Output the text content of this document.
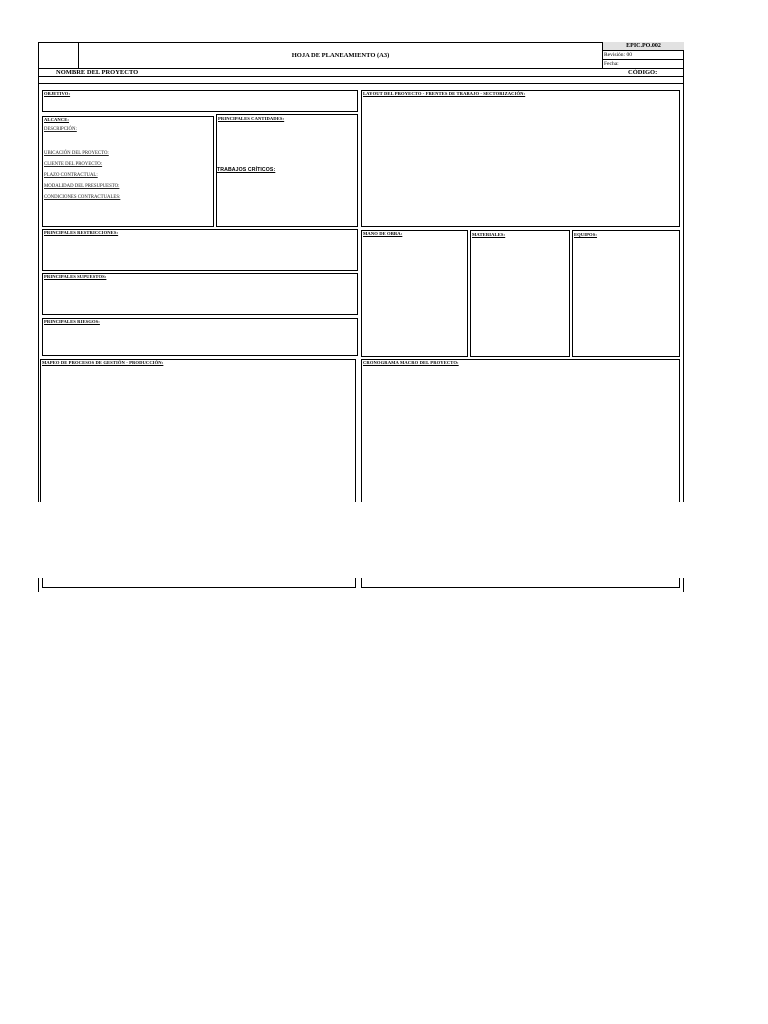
HOJA DE PLANEAMIENTO (A3)
EPIC.PO.002
Revisión: 00
Fecha:
NOMBRE DEL PROYECTO	CÓDIGO:
OBJETIVO:	LAYOUT DEL PROYECTO - FRENTES DE TRABAJO - SECTORIZACIÓN:
ALCANCE:
DESCRIPCIÓN:
UBICACIÓN DEL PROYECTO:
CLIENTE DEL PROYECTO:
PLAZO CONTRACTUAL:
MODALIDAD DEL PRESUPUESTO:
CONDICIONES CONTRACTUALES:
PRINCIPALES CANTIDADES:
TRABAJOS CRÍTICOS:
PRINCIPALES RESTRICCIONES:	MANO DE OBRA:	MATERIALES:	EQUIPOS:
PRINCIPALES SUPUESTOS:
PRINCIPALES RIESGOS:
MAPEO DE PROCESOS DE GESTIÓN - PRODUCCIÓN:	CRONOGRAMA MACRO DEL PROYECTO:
